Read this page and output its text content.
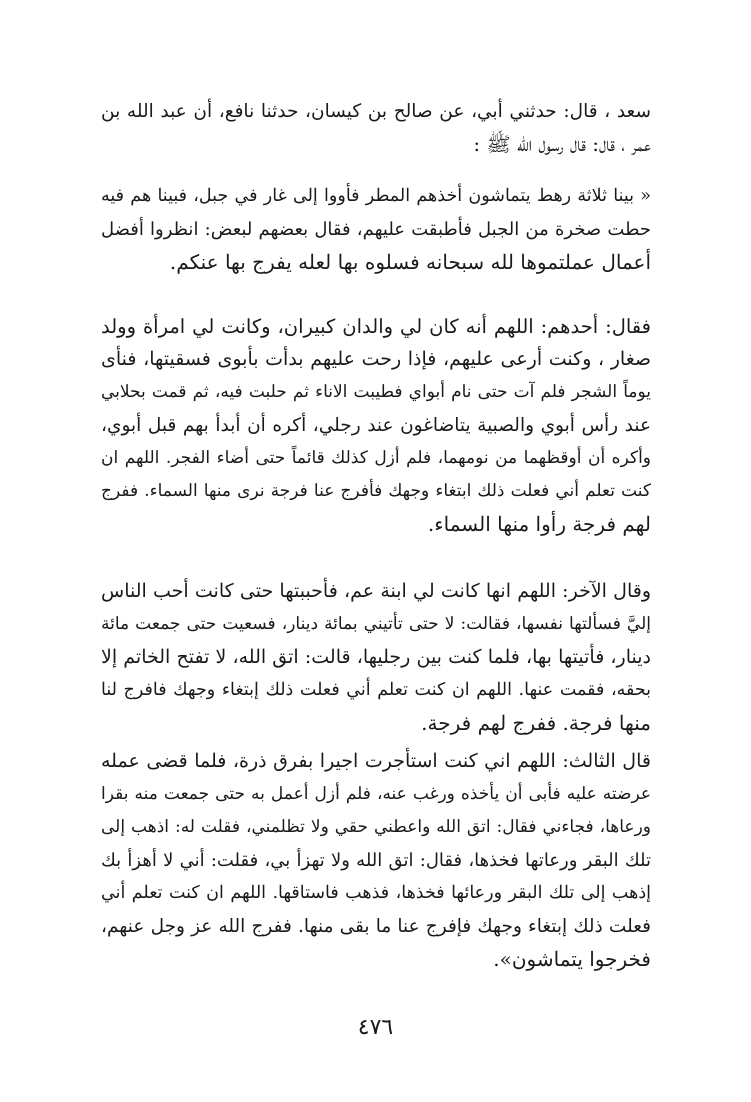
سعد ، قال: حدثني أبي، عن صالح بن كيسان، حدثنا نافع، أن عبد الله بن
عمر ، قال: قال رسول الله ﷺ :

« بينا ثلاثة رهط يتماشون أخذهم المطر فأووا إلى غار في جبل، فبينا هم فيه
حطت صخرة من الجبل فأطبقت عليهم، فقال بعضهم لبعض: انظروا أفضل
أعمال عملتموها لله سبحانه فسلوه بها لعله يفرج بها عنكم.

فقال: أحدهم: اللهم أنه كان لي والدان كبيران، وكانت لي امرأة وولد
صغار ، وكنت أرعى عليهم، فإذا رحت عليهم بدأت بأبوى فسقيتها، فنأى
يوماً الشجر فلم آت حتى نام أبواي فطيبت الاناء ثم حلبت فيه، ثم قمت بحلابي
عند رأس أبوي والصبية يتاضاغون عند رجلي، أكره أن أبدأ بهم قبل أبوي،
وأكره أن أوقظهما من نومهما، فلم أزل كذلك قائماً حتى أضاء الفجر. اللهم ان
كنت تعلم أني فعلت ذلك ابتغاء وجهك فأفرج عنا فرجة نرى منها السماء. ففرج
لهم فرجة رأوا منها السماء.

وقال الآخر: اللهم انها كانت لي ابنة عم، فأحببتها حتى كانت أحب الناس
إليَّ فسألتها نفسها، فقالت: لا حتى تأتيني بمائة دينار، فسعيت حتى جمعت مائة
دينار، فأتيتها بها، فلما كنت بين رجليها، قالت: اتق الله، لا تفتح الخاتم إلا
بحقه، فقمت عنها. اللهم ان كنت تعلم أني فعلت ذلك إبتغاء وجهك فافرج لنا
منها فرجة. ففرج لهم فرجة.

قال الثالث: اللهم اني كنت استأجرت اجيرا بفرق ذرة، فلما قضى عمله
عرضته عليه فأبى أن يأخذه ورغب عنه، فلم أزل أعمل به حتى جمعت منه بقرا
ورعاها، فجاءني فقال: اتق الله واعطني حقي ولا تظلمني، فقلت له: اذهب إلى
تلك البقر ورعاتها فخذها، فقال: اتق الله ولا تهزأ بي، فقلت: أني لا أهزأ بك
إذهب إلى تلك البقر ورعائها فخذها، فذهب فاستاقها. اللهم ان كنت تعلم أني
فعلت ذلك إبتغاء وجهك فإفرج عنا ما بقى منها. ففرج الله عز وجل عنهم،
فخرجوا يتماشون».

٤٧٦
